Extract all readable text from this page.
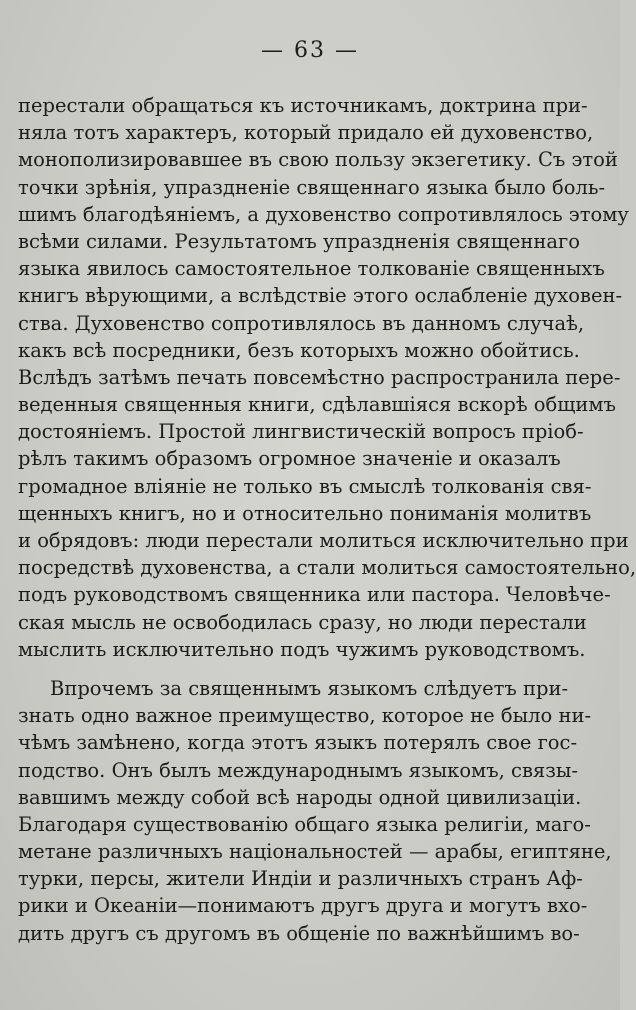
— 63 —
перестали обращаться къ источникамъ, доктрина при-
няла тотъ характеръ, который придало ей духовенство,
монополизировавшее въ свою пользу экзегетику. Съ этой
точки зрѣнія, упраздненіе священнаго языка было боль-
шимъ благодѣяніемъ, а духовенство сопротивлялось этому
всѣми силами. Результатомъ упраздненія священнаго
языка явилось самостоятельное толкованіе священныхъ
книгъ вѣрующими, а вслѣдствіе этого ослабленіе духовен-
ства. Духовенство сопротивлялось въ данномъ случаѣ,
какъ всѣ посредники, безъ которыхъ можно обойтись.
Вслѣдъ затѣмъ печать повсемѣстно распространила пере-
веденныя священныя книги, сдѣлавшіяся вскорѣ общимъ
достояніемъ. Простой лингвистическій вопросъ пріоб-
рѣлъ такимъ образомъ огромное значеніе и оказалъ
громадное вліяніе не только въ смыслѣ толкованія свя-
щенныхъ книгъ, но и относительно пониманія молитвъ
и обрядовъ: люди перестали молиться исключительно при
посредствѣ духовенства, а стали молиться самостоятельно,
подъ руководствомъ священника или пастора. Человѣче-
ская мысль не освободилась сразу, но люди перестали
мыслить исключительно подъ чужимъ руководствомъ.
Впрочемъ за священнымъ языкомъ слѣдуетъ при-
знать одно важное преимущество, которое не было ни-
чѣмъ замѣнено, когда этотъ языкъ потерялъ свое гос-
подство. Онъ былъ международнымъ языкомъ, связы-
вавшимъ между собой всѣ народы одной цивилизаціи.
Благодаря существованію общаго языка религіи, маго-
метане различныхъ національностей — арабы, египтяне,
турки, персы, жители Индіи и различныхъ странъ Аф-
рики и Океаніи—понимаютъ другъ друга и могутъ вхо-
дить другъ съ другомъ въ общеніе по важнѣйшимъ во-
